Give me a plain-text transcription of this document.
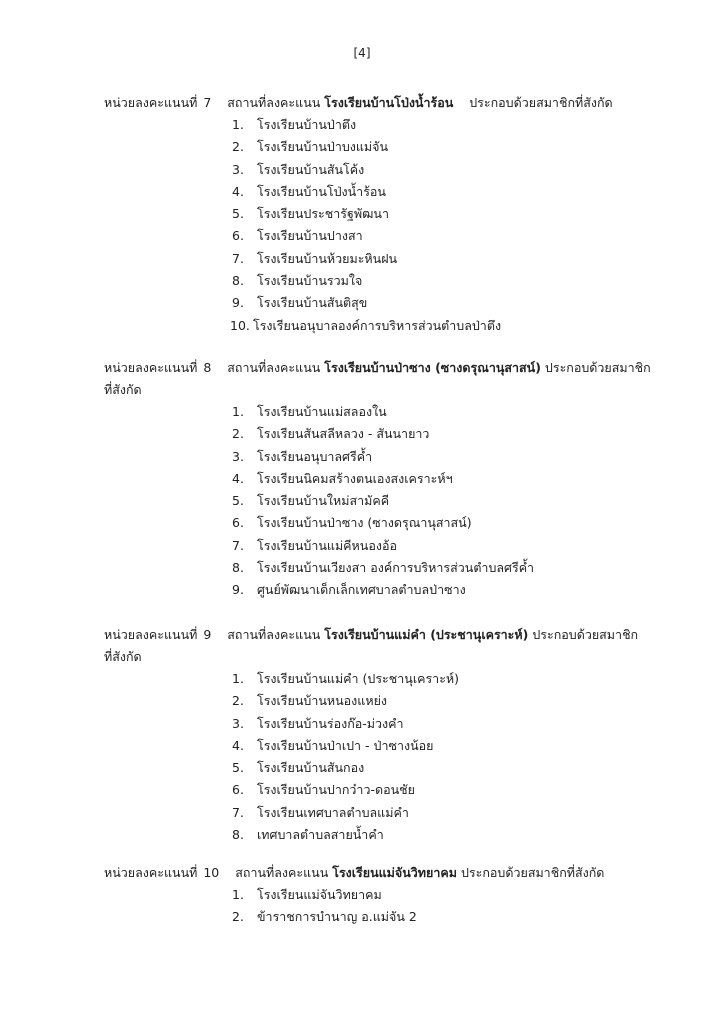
[4]
หน่วยลงคะแนนที่ 7 สถานที่ลงคะแนน โรงเรียนบ้านโป่งน้ำร้อน ประกอบด้วยสมาชิกที่สังกัด
1. โรงเรียนบ้านป่าตึง
2. โรงเรียนบ้านป่าบงแม่จัน
3. โรงเรียนบ้านสันโค้ง
4. โรงเรียนบ้านโป่งน้ำร้อน
5. โรงเรียนประชารัฐพัฒนา
6. โรงเรียนบ้านปางสา
7. โรงเรียนบ้านห้วยมะหินฝน
8. โรงเรียนบ้านรวมใจ
9. โรงเรียนบ้านสันติสุข
10. โรงเรียนอนุบาลองค์การบริหารส่วนตำบลป่าตึง
หน่วยลงคะแนนที่ 8 สถานที่ลงคะแนน โรงเรียนบ้านป่าซาง (ซางดรุณานุสาสน์) ประกอบด้วยสมาชิก
ที่สังกัด
1. โรงเรียนบ้านแม่สลองใน
2. โรงเรียนสันสลีหลวง - สันนายาว
3. โรงเรียนอนุบาลศรีค้ำ
4. โรงเรียนนิคมสร้างตนเองสงเคราะห์ฯ
5. โรงเรียนบ้านใหม่สามัคคี
6. โรงเรียนบ้านป่าซาง (ซางดรุณานุสาสน์)
7. โรงเรียนบ้านแม่คีหนองอ้อ
8. โรงเรียนบ้านเวียงสา องค์การบริหารส่วนตำบลศรีค้ำ
9. ศูนย์พัฒนาเด็กเล็กเทศบาลตำบลป่าซาง
หน่วยลงคะแนนที่ 9 สถานที่ลงคะแนน โรงเรียนบ้านแม่คำ (ประชานุเคราะห์) ประกอบด้วยสมาชิก
ที่สังกัด
1. โรงเรียนบ้านแม่คำ (ประชานุเคราะห์)
2. โรงเรียนบ้านหนองแหย่ง
3. โรงเรียนบ้านร่องก๊อ-ม่วงคำ
4. โรงเรียนบ้านป่าเปา - ป่าซางน้อย
5. โรงเรียนบ้านสันกอง
6. โรงเรียนบ้านปากว๋าว-ดอนชัย
7. โรงเรียนเทศบาลตำบลแม่คำ
8. เทศบาลตำบลสายน้ำคำ
หน่วยลงคะแนนที่ 10 สถานที่ลงคะแนน โรงเรียนแม่จันวิทยาคม ประกอบด้วยสมาชิกที่สังกัด
1. โรงเรียนแม่จันวิทยาคม
2. ข้าราชการบำนาญ อ.แม่จัน 2
